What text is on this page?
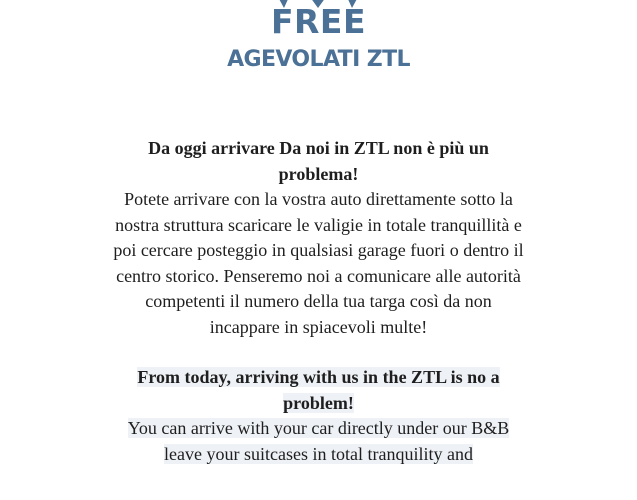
FREE
AGEVOLATI ZTL

Da oggi arrivare Da noi in ZTL non è più un problema!
Potete arrivare con la vostra auto direttamente sotto la nostra struttura scaricare le valigie in totale tranquillità e poi cercare posteggio in qualsiasi garage fuori o dentro il centro storico. Penseremo noi a comunicare alle autorità competenti il numero della tua targa così da non incappare in spiacevoli multe!

From today, arriving with us in the ZTL is no a problem!
You can arrive with your car directly under our B&B leave your suitcases in total tranquility and
